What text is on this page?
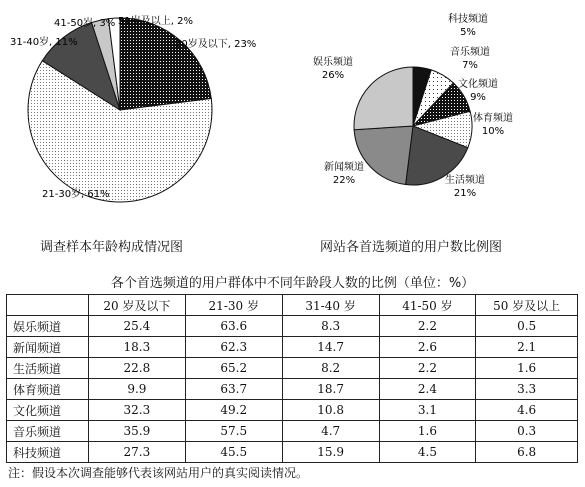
20岁及以下, 23%
21-30岁, 61%
31-40岁, 11%
41-50岁, 3% 51岁及以上, 2%	科技频道
5%
音乐频道
7%
文化频道
9%
体育频道
10%
生活频道
21%
新闻频道
22%
娱乐频道
26%
调查样本年龄构成情况图	网站各首选频道的用户数比例图
各个首选频道的用户群体中不同年龄段人数的比例（单位：%）
	20 岁及以下	21-30 岁	31-40 岁	41-50 岁	50 岁及以上
娱乐频道	25.4	63.6	8.3	2.2	0.5
新闻频道	18.3	62.3	14.7	2.6	2.1
生活频道	22.8	65.2	8.2	2.2	1.6
体育频道	9.9	63.7	18.7	2.4	3.3
文化频道	32.3	49.2	10.8	3.1	4.6
音乐频道	35.9	57.5	4.7	1.6	0.3
科技频道	27.3	45.5	15.9	4.5	6.8
注：假设本次调查能够代表该网站用户的真实阅读情况。
